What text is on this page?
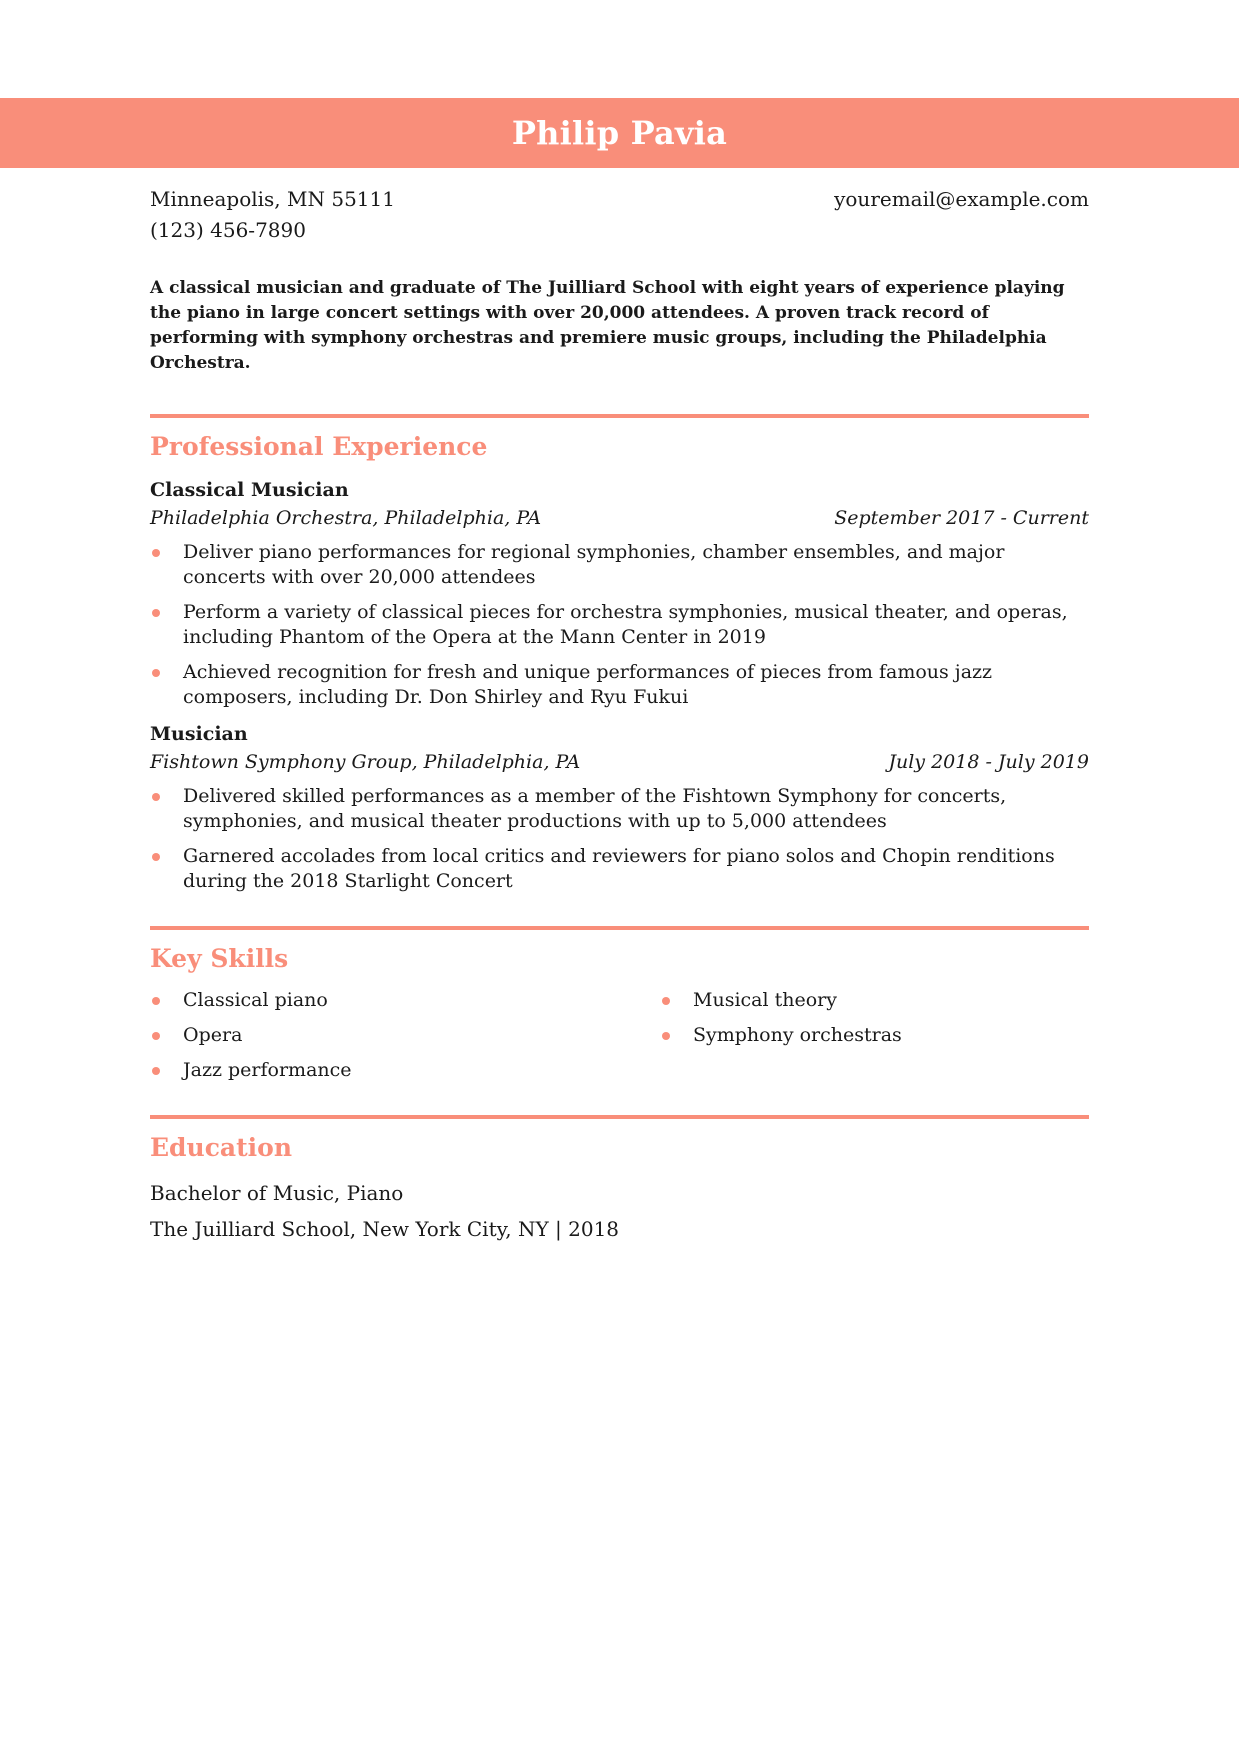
Philip Pavia
Minneapolis, MN 55111
(123) 456-7890
youremail@example.com
A classical musician and graduate of The Juilliard School with eight years of experience playing the piano in large concert settings with over 20,000 attendees. A proven track record of performing with symphony orchestras and premiere music groups, including the Philadelphia Orchestra.
Professional Experience
Classical Musician
Philadelphia Orchestra, Philadelphia, PA	September 2017 - Current
Deliver piano performances for regional symphonies, chamber ensembles, and major concerts with over 20,000 attendees
Perform a variety of classical pieces for orchestra symphonies, musical theater, and operas, including Phantom of the Opera at the Mann Center in 2019
Achieved recognition for fresh and unique performances of pieces from famous jazz composers, including Dr. Don Shirley and Ryu Fukui
Musician
Fishtown Symphony Group, Philadelphia, PA	July 2018 - July 2019
Delivered skilled performances as a member of the Fishtown Symphony for concerts, symphonies, and musical theater productions with up to 5,000 attendees
Garnered accolades from local critics and reviewers for piano solos and Chopin renditions during the 2018 Starlight Concert
Key Skills
Classical piano
Opera
Jazz performance
Musical theory
Symphony orchestras
Education
Bachelor of Music, Piano
The Juilliard School, New York City, NY | 2018
